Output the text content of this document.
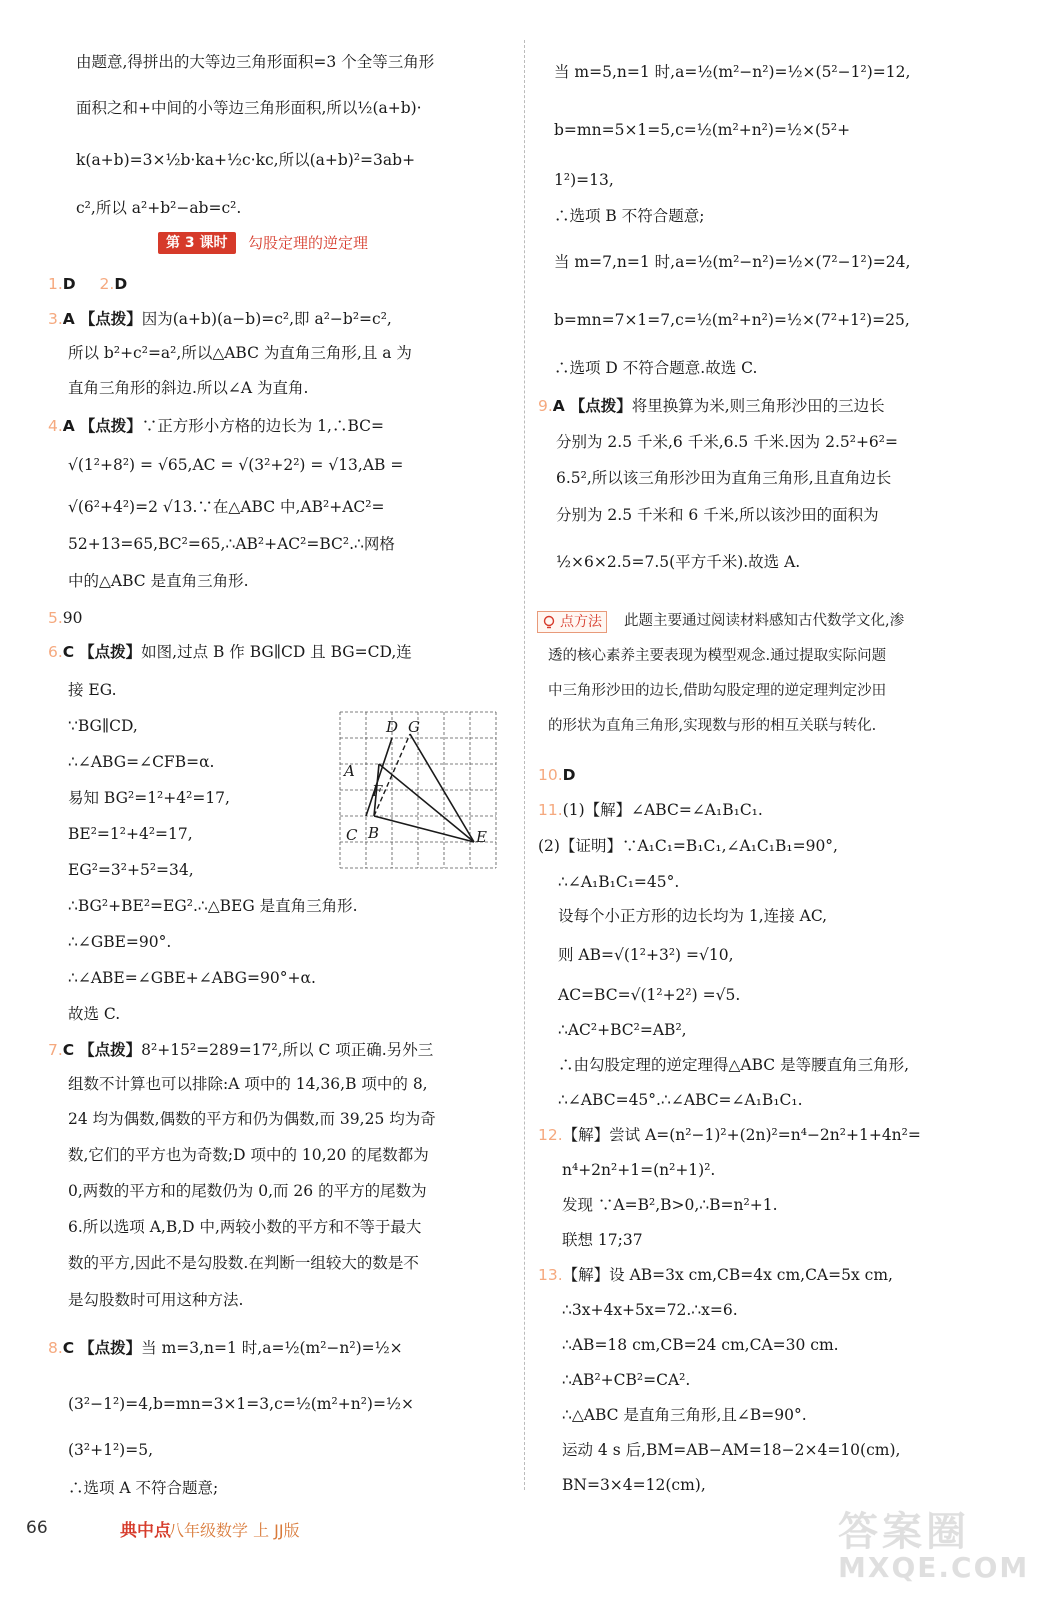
由题意,得拼出的大等边三角形面积=3 个全等三角形
面积之和+中间的小等边三角形面积,所以½(a+b)·
k(a+b)=3×½b·ka+½c·kc,所以(a+b)²=3ab+
c²,所以 a²+b²−ab=c².
第 3 课时	勾股定理的逆定理
1.D 2.D
3.A 【点拨】因为(a+b)(a−b)=c²,即 a²−b²=c²,
所以 b²+c²=a²,所以△ABC 为直角三角形,且 a 为
直角三角形的斜边.所以∠A 为直角.
4.A 【点拨】∵正方形小方格的边长为 1,∴BC=
√(1²+8²) = √65,AC = √(3²+2²) = √13,AB =
√(6²+4²)=2 √13.∵在△ABC 中,AB²+AC²=
52+13=65,BC²=65,∴AB²+AC²=BC².∴网格
中的△ABC 是直角三角形.
5.90
6.C 【点拨】如图,过点 B 作 BG∥CD 且 BG=CD,连
接 EG.
∵BG∥CD,
∴∠ABG=∠CFB=α.
易知 BG²=1²+4²=17,
BE²=1²+4²=17,
EG²=3²+5²=34,
∴BG²+BE²=EG².∴△BEG 是直角三角形.
∴∠GBE=90°.
∴∠ABE=∠GBE+∠ABG=90°+α.
故选 C.
D G
A
F
C B	E
7.C 【点拨】8²+15²=289=17²,所以 C 项正确.另外三
组数不计算也可以排除:A 项中的 14,36,B 项中的 8,
24 均为偶数,偶数的平方和仍为偶数,而 39,25 均为奇
数,它们的平方也为奇数;D 项中的 10,20 的尾数都为
0,两数的平方和的尾数仍为 0,而 26 的平方的尾数为
6.所以选项 A,B,D 中,两较小数的平方和不等于最大
数的平方,因此不是勾股数.在判断一组较大的数是不
是勾股数时可用这种方法.
8.C 【点拨】当 m=3,n=1 时,a=½(m²−n²)=½×
(3²−1²)=4,b=mn=3×1=3,c=½(m²+n²)=½×
(3²+1²)=5,
∴选项 A 不符合题意;
当 m=5,n=1 时,a=½(m²−n²)=½×(5²−1²)=12,
b=mn=5×1=5,c=½(m²+n²)=½×(5²+
1²)=13,
∴选项 B 不符合题意;
当 m=7,n=1 时,a=½(m²−n²)=½×(7²−1²)=24,
b=mn=7×1=7,c=½(m²+n²)=½×(7²+1²)=25,
∴选项 D 不符合题意.故选 C.
9.A 【点拨】将里换算为米,则三角形沙田的三边长
分别为 2.5 千米,6 千米,6.5 千米.因为 2.5²+6²=
6.5²,所以该三角形沙田为直角三角形,且直角边长
分别为 2.5 千米和 6 千米,所以该沙田的面积为
½×6×2.5=7.5(平方千米).故选 A.
点方法	此题主要通过阅读材料感知古代数学文化,渗
透的核心素养主要表现为模型观念.通过提取实际问题
中三角形沙田的边长,借助勾股定理的逆定理判定沙田
的形状为直角三角形,实现数与形的相互关联与转化.
10.D
11.(1)【解】∠ABC=∠A₁B₁C₁.
(2)【证明】∵A₁C₁=B₁C₁,∠A₁C₁B₁=90°,
∴∠A₁B₁C₁=45°.
设每个小正方形的边长均为 1,连接 AC,
则 AB=√(1²+3²) =√10,
AC=BC=√(1²+2²) =√5.
∴AC²+BC²=AB²,
∴由勾股定理的逆定理得△ABC 是等腰直角三角形,
∴∠ABC=45°.∴∠ABC=∠A₁B₁C₁.
12.【解】尝试 A=(n²−1)²+(2n)²=n⁴−2n²+1+4n²=
n⁴+2n²+1=(n²+1)².
发现 ∵A=B²,B>0,∴B=n²+1.
联想 17;37
13.【解】设 AB=3x cm,CB=4x cm,CA=5x cm,
∴3x+4x+5x=72.∴x=6.
∴AB=18 cm,CB=24 cm,CA=30 cm.
∴AB²+CB²=CA².
∴△ABC 是直角三角形,且∠B=90°.
运动 4 s 后,BM=AB−AM=18−2×4=10(cm),
BN=3×4=12(cm),
66	典中点
八年级数学 上 JJ版	答案圈
MXQE.COM
